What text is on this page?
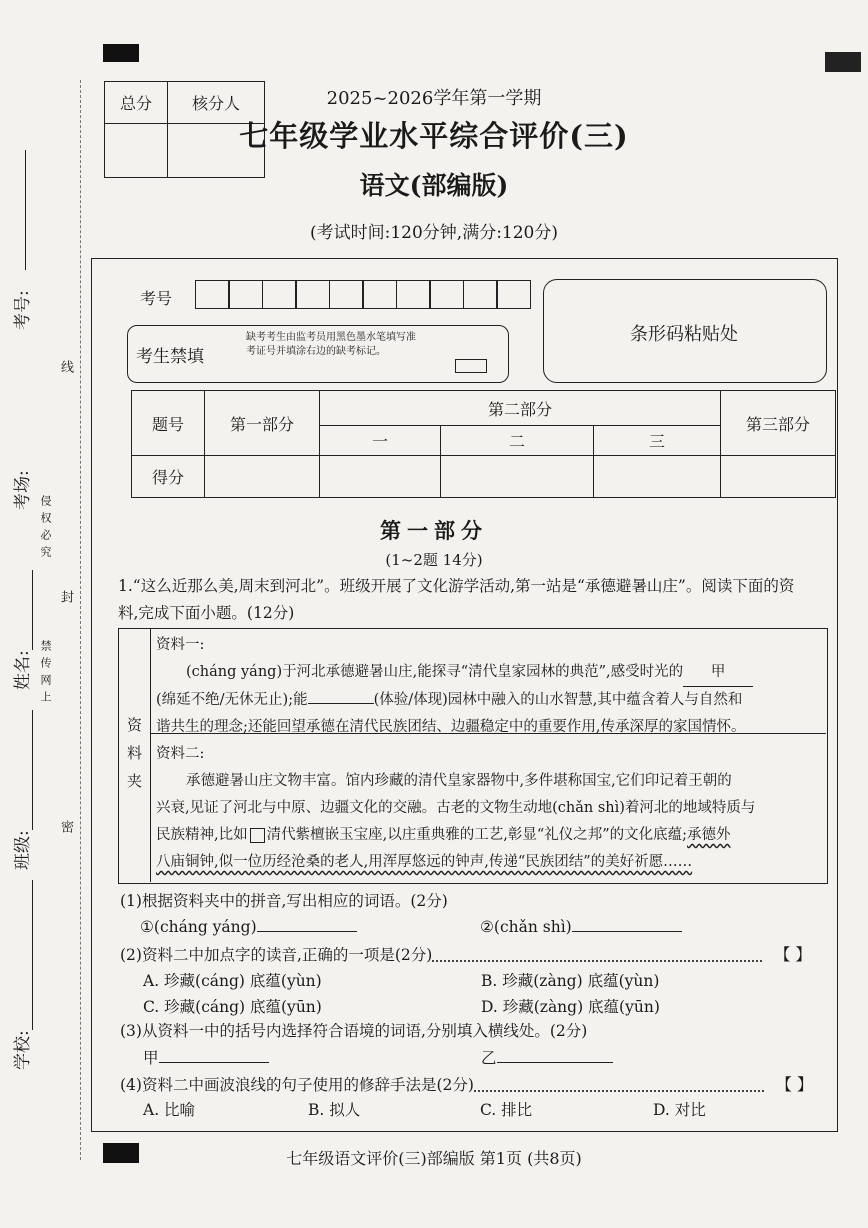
学校:
班级:
姓名:
考场:
考号:
禁传网上
侵权必究
密
封
线
总分	核分人
		2025~2026学年第一学期
七年级学业水平综合评价(三)
语文(部编版)
(考试时间:120分钟,满分:120分)
考号
考生禁填
缺考考生由监考员用黑色墨水笔填写准考证号并填涂右边的缺考标记。
条形码粘贴处
题号	第一部分	第二部分			第三部分
		一	二	三	
得分					
第一部分
(1~2题 14分)
1.“这么近那么美,周末到河北”。班级开展了文化游学活动,第一站是“承德避暑山庄”。阅读下面的资
料,完成下面小题。(12分)
资
料
夹
资料一:
(cháng yáng)于河北承德避暑山庄,能探寻“清代皇家园林的典范”,感受时光的 甲
(绵延不绝/无休无止);能	(体验/体现)园林中融入的山水智慧,其中蕴含着人与自然和
谐共生的理念;还能回望承德在清代民族团结、边疆稳定中的重要作用,传承深厚的家国情怀。
资料二:
承德避暑山庄文物丰富。馆内珍藏的清代皇家器物中,多件堪称国宝,它们印记着王朝的
兴衰,见证了河北与中原、边疆文化的交融。古老的文物生动地(chǎn shì)着河北的地域特质与
民族精神,比如 清代紫檀嵌玉宝座,以庄重典雅的工艺,彰显“礼仪之邦”的文化底蕴;承德外
八庙铜钟,似一位历经沧桑的老人,用浑厚悠远的钟声,传递“民族团结”的美好祈愿……
(1)根据资料夹中的拼音,写出相应的词语。(2分)
①(cháng yáng)	②(chǎn shì)
(2)资料二中加点字的读音,正确的一项是(2分)	【 】
A. 珍藏(cáng) 底蕴(yùn)	B. 珍藏(zàng) 底蕴(yùn)
C. 珍藏(cáng) 底蕴(yūn)	D. 珍藏(zàng) 底蕴(yūn)
(3)从资料一中的括号内选择符合语境的词语,分别填入横线处。(2分)
甲	乙
(4)资料二中画波浪线的句子使用的修辞手法是(2分)	【 】
A. 比喻	B. 拟人	C. 排比	D. 对比
七年级语文评价(三)部编版 第1页 (共8页)
